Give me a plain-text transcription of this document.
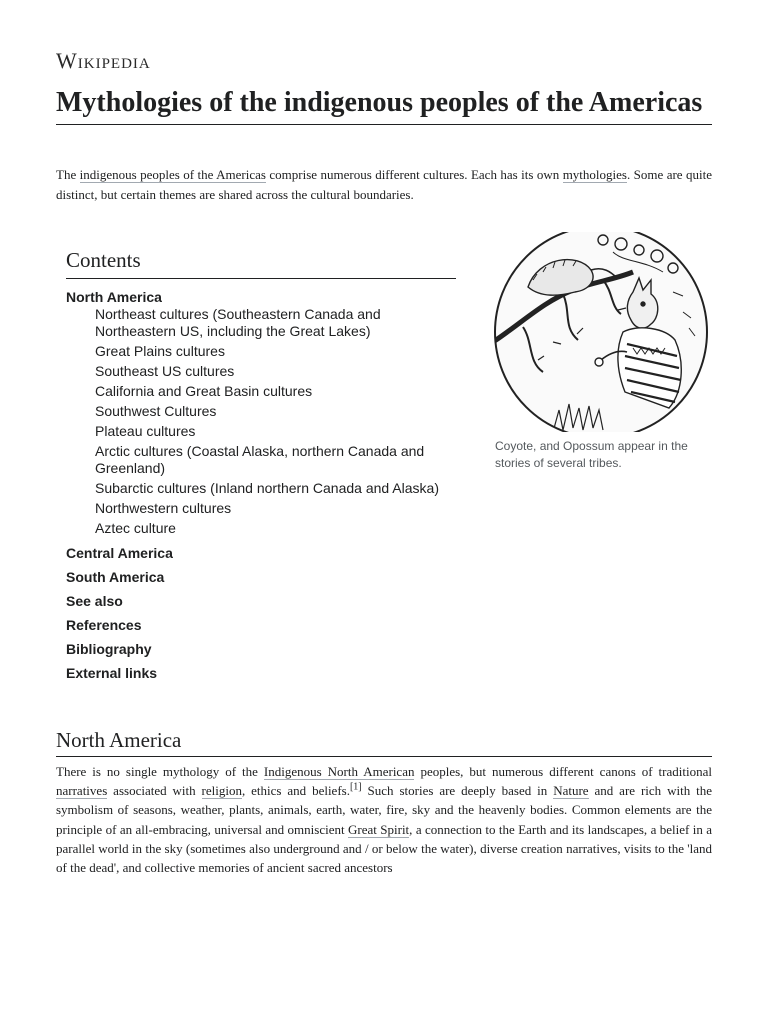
Wikipedia
Mythologies of the indigenous peoples of the Americas

The indigenous peoples of the Americas comprise numerous different cultures. Each has its own mythologies. Some are quite distinct, but certain themes are shared across the cultural boundaries.

Contents
North America
Northeast cultures (Southeastern Canada and Northeastern US, including the Great Lakes)
Great Plains cultures
Southeast US cultures
California and Great Basin cultures
Southwest Cultures
Plateau cultures
Arctic cultures (Coastal Alaska, northern Canada and Greenland)
Subarctic cultures (Inland northern Canada and Alaska)
Northwestern cultures
Aztec culture
Central America
South America
See also
References
Bibliography
External links
Coyote, and Opossum appear in the stories of several tribes.
North America

There is no single mythology of the Indigenous North American peoples, but numerous different canons of traditional narratives associated with religion, ethics and beliefs.[1] Such stories are deeply based in Nature and are rich with the symbolism of seasons, weather, plants, animals, earth, water, fire, sky and the heavenly bodies. Common elements are the principle of an all-embracing, universal and omniscient Great Spirit, a connection to the Earth and its landscapes, a belief in a parallel world in the sky (sometimes also underground and / or below the water), diverse creation narratives, visits to the 'land of the dead', and collective memories of ancient sacred ancestors
